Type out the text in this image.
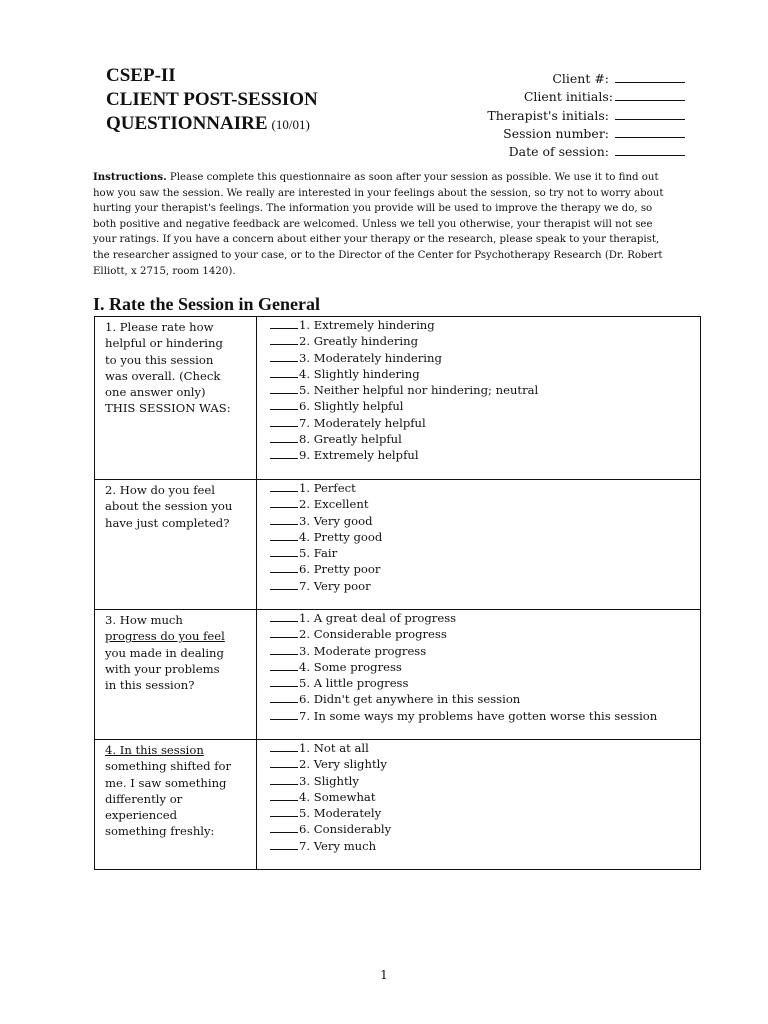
CSEP-II
CLIENT POST-SESSION
QUESTIONNAIRE (10/01)
Client #:
Client initials:
Therapist's initials:
Session number:
Date of session:
Instructions. Please complete this questionnaire as soon after your session as possible. We use it to find out how you saw the session. We really are interested in your feelings about the session, so try not to worry about hurting your therapist's feelings. The information you provide will be used to improve the therapy we do, so both positive and negative feedback are welcomed. Unless we tell you otherwise, your therapist will not see your ratings. If you have a concern about either your therapy or the research, please speak to your therapist, the researcher assigned to your case, or to the Director of the Center for Psychotherapy Research (Dr. Robert Elliott, x 2715, room 1420).
I. Rate the Session in General
1. Please rate how
helpful or hindering
to you this session
was overall. (Check
one answer only)
THIS SESSION WAS:
1. Extremely hindering
2. Greatly hindering
3. Moderately hindering
4. Slightly hindering
5. Neither helpful nor hindering; neutral
6. Slightly helpful
7. Moderately helpful
8. Greatly helpful
9. Extremely helpful
2. How do you feel
about the session you
have just completed?
1. Perfect
2. Excellent
3. Very good
4. Pretty good
5. Fair
6. Pretty poor
7. Very poor
3. How much
progress do you feel
you made in dealing
with your problems
in this session?
1. A great deal of progress
2. Considerable progress
3. Moderate progress
4. Some progress
5. A little progress
6. Didn't get anywhere in this session
7. In some ways my problems have gotten worse this session
4. In this session
something shifted for
me. I saw something
differently or
experienced
something freshly:
1. Not at all
2. Very slightly
3. Slightly
4. Somewhat
5. Moderately
6. Considerably
7. Very much
1
